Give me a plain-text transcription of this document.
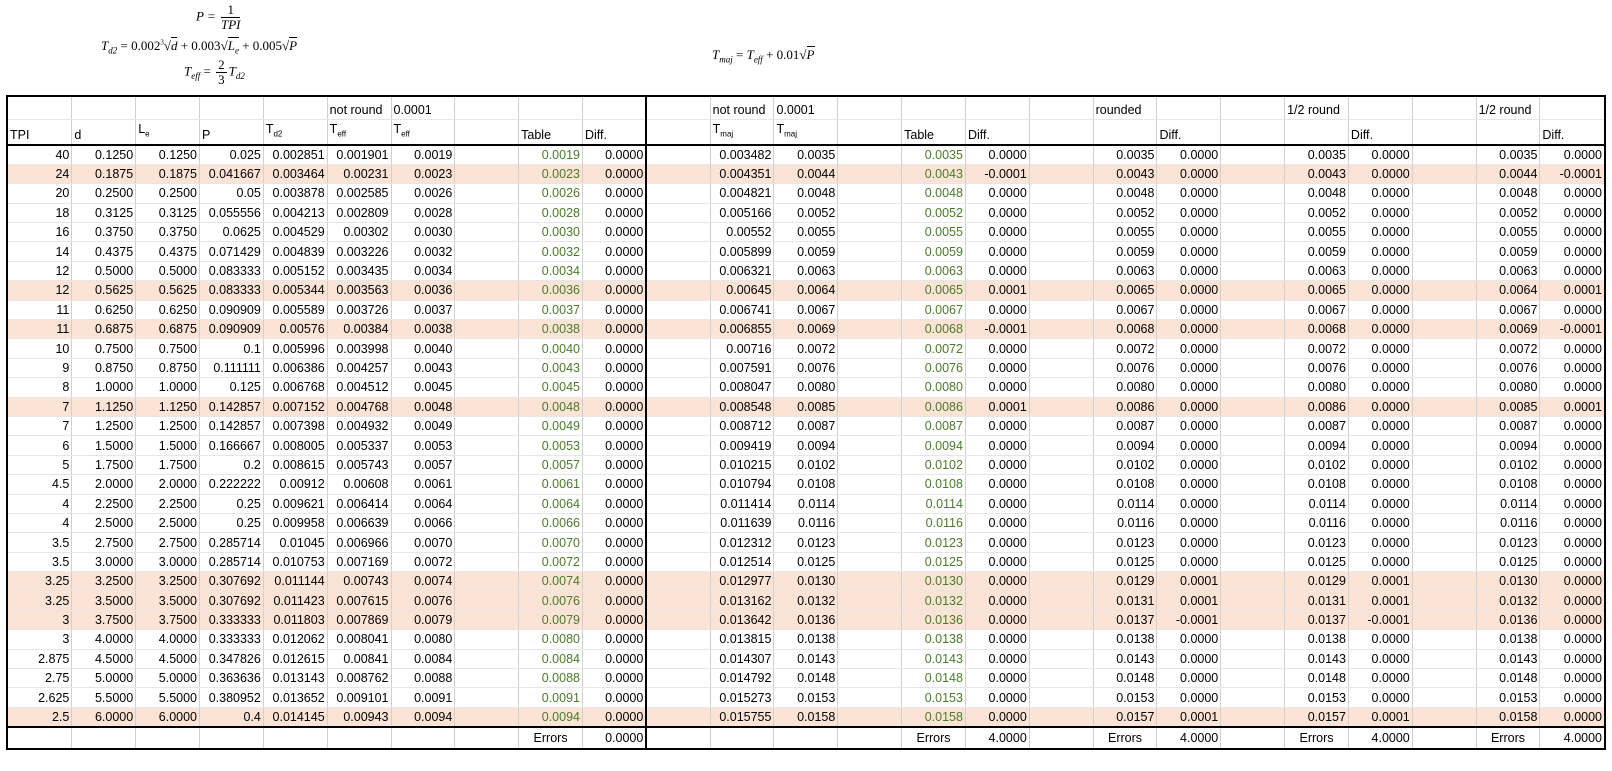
$P = \frac{1}{\text{TPI}}$
$T_{d2} = 0.002^3√d + 0.003√L_e + 0.005√P$
$T_{eff} = \frac{2}{3} T_{d2}$
$T_{maj} = T_{eff} + 0.01√P$
					not round	0.0001					not round	0.0001					rounded			1/2 round			1/2 round	
TPI	d	$L_e$	P	$T_{d2}$	$T_{eff}$	$T_{eff}$		Table	Diff.		$T_{maj}$	$T_{maj}$		Table	Diff.			Diff.			Diff.			Diff.
40	0.1250	0.1250	0.025	0.002851	0.001901	0.0019		0.0019	0.0000		0.003482	0.0035		0.0035	0.0000		0.0035	0.0000		0.0035	0.0000		0.0035	0.0000
24	0.1875	0.1875	0.041667	0.003464	0.00231	0.0023		0.0023	0.0000		0.004351	0.0044		0.0043	-0.0001		0.0043	0.0000		0.0043	0.0000		0.0044	-0.0001
20	0.2500	0.2500	0.05	0.003878	0.002585	0.0026		0.0026	0.0000		0.004821	0.0048		0.0048	0.0000		0.0048	0.0000		0.0048	0.0000		0.0048	0.0000
18	0.3125	0.3125	0.055556	0.004213	0.002809	0.0028		0.0028	0.0000		0.005166	0.0052		0.0052	0.0000		0.0052	0.0000		0.0052	0.0000		0.0052	0.0000
16	0.3750	0.3750	0.0625	0.004529	0.00302	0.0030		0.0030	0.0000		0.00552	0.0055		0.0055	0.0000		0.0055	0.0000		0.0055	0.0000		0.0055	0.0000
14	0.4375	0.4375	0.071429	0.004839	0.003226	0.0032		0.0032	0.0000		0.005899	0.0059		0.0059	0.0000		0.0059	0.0000		0.0059	0.0000		0.0059	0.0000
12	0.5000	0.5000	0.083333	0.005152	0.003435	0.0034		0.0034	0.0000		0.006321	0.0063		0.0063	0.0000		0.0063	0.0000		0.0063	0.0000		0.0063	0.0000
12	0.5625	0.5625	0.083333	0.005344	0.003563	0.0036		0.0036	0.0000		0.00645	0.0064		0.0065	0.0001		0.0065	0.0000		0.0065	0.0000		0.0064	0.0001
11	0.6250	0.6250	0.090909	0.005589	0.003726	0.0037		0.0037	0.0000		0.006741	0.0067		0.0067	0.0000		0.0067	0.0000		0.0067	0.0000		0.0067	0.0000
11	0.6875	0.6875	0.090909	0.00576	0.00384	0.0038		0.0038	0.0000		0.006855	0.0069		0.0068	-0.0001		0.0068	0.0000		0.0068	0.0000		0.0069	-0.0001
10	0.7500	0.7500	0.1	0.005996	0.003998	0.0040		0.0040	0.0000		0.00716	0.0072		0.0072	0.0000		0.0072	0.0000		0.0072	0.0000		0.0072	0.0000
9	0.8750	0.8750	0.111111	0.006386	0.004257	0.0043		0.0043	0.0000		0.007591	0.0076		0.0076	0.0000		0.0076	0.0000		0.0076	0.0000		0.0076	0.0000
8	1.0000	1.0000	0.125	0.006768	0.004512	0.0045		0.0045	0.0000		0.008047	0.0080		0.0080	0.0000		0.0080	0.0000		0.0080	0.0000		0.0080	0.0000
7	1.1250	1.1250	0.142857	0.007152	0.004768	0.0048		0.0048	0.0000		0.008548	0.0085		0.0086	0.0001		0.0086	0.0000		0.0086	0.0000		0.0085	0.0001
7	1.2500	1.2500	0.142857	0.007398	0.004932	0.0049		0.0049	0.0000		0.008712	0.0087		0.0087	0.0000		0.0087	0.0000		0.0087	0.0000		0.0087	0.0000
6	1.5000	1.5000	0.166667	0.008005	0.005337	0.0053		0.0053	0.0000		0.009419	0.0094		0.0094	0.0000		0.0094	0.0000		0.0094	0.0000		0.0094	0.0000
5	1.7500	1.7500	0.2	0.008615	0.005743	0.0057		0.0057	0.0000		0.010215	0.0102		0.0102	0.0000		0.0102	0.0000		0.0102	0.0000		0.0102	0.0000
4.5	2.0000	2.0000	0.222222	0.00912	0.00608	0.0061		0.0061	0.0000		0.010794	0.0108		0.0108	0.0000		0.0108	0.0000		0.0108	0.0000		0.0108	0.0000
4	2.2500	2.2500	0.25	0.009621	0.006414	0.0064		0.0064	0.0000		0.011414	0.0114		0.0114	0.0000		0.0114	0.0000		0.0114	0.0000		0.0114	0.0000
4	2.5000	2.5000	0.25	0.009958	0.006639	0.0066		0.0066	0.0000		0.011639	0.0116		0.0116	0.0000		0.0116	0.0000		0.0116	0.0000		0.0116	0.0000
3.5	2.7500	2.7500	0.285714	0.01045	0.006966	0.0070		0.0070	0.0000		0.012312	0.0123		0.0123	0.0000		0.0123	0.0000		0.0123	0.0000		0.0123	0.0000
3.5	3.0000	3.0000	0.285714	0.010753	0.007169	0.0072		0.0072	0.0000		0.012514	0.0125		0.0125	0.0000		0.0125	0.0000		0.0125	0.0000		0.0125	0.0000
3.25	3.2500	3.2500	0.307692	0.011144	0.00743	0.0074		0.0074	0.0000		0.012977	0.0130		0.0130	0.0000		0.0129	0.0001		0.0129	0.0001		0.0130	0.0000
3.25	3.5000	3.5000	0.307692	0.011423	0.007615	0.0076		0.0076	0.0000		0.013162	0.0132		0.0132	0.0000		0.0131	0.0001		0.0131	0.0001		0.0132	0.0000
3	3.7500	3.7500	0.333333	0.011803	0.007869	0.0079		0.0079	0.0000		0.013642	0.0136		0.0136	0.0000		0.0137	-0.0001		0.0137	-0.0001		0.0136	0.0000
3	4.0000	4.0000	0.333333	0.012062	0.008041	0.0080		0.0080	0.0000		0.013815	0.0138		0.0138	0.0000		0.0138	0.0000		0.0138	0.0000		0.0138	0.0000
2.875	4.5000	4.5000	0.347826	0.012615	0.00841	0.0084		0.0084	0.0000		0.014307	0.0143		0.0143	0.0000		0.0143	0.0000		0.0143	0.0000		0.0143	0.0000
2.75	5.0000	5.0000	0.363636	0.013143	0.008762	0.0088		0.0088	0.0000		0.014792	0.0148		0.0148	0.0000		0.0148	0.0000		0.0148	0.0000		0.0148	0.0000
2.625	5.5000	5.5000	0.380952	0.013652	0.009101	0.0091		0.0091	0.0000		0.015273	0.0153		0.0153	0.0000		0.0153	0.0000		0.0153	0.0000		0.0153	0.0000
2.5	6.0000	6.0000	0.4	0.014145	0.00943	0.0094		0.0094	0.0000		0.015755	0.0158		0.0158	0.0000		0.0157	0.0001		0.0157	0.0001		0.0158	0.0000
								Errors	0.0000					Errors	4.0000		Errors	4.0000		Errors	4.0000		Errors	4.0000
